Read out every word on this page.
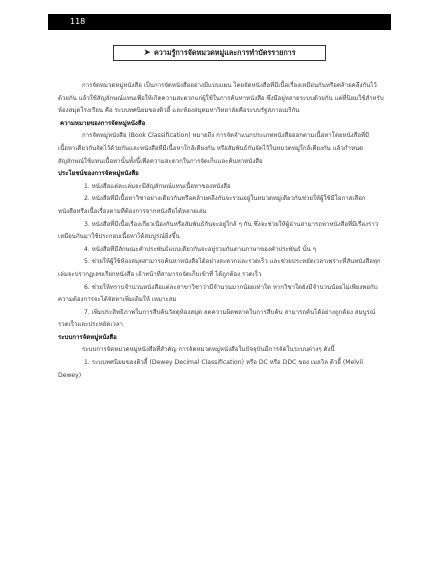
118
➤ ความรู้การจัดหมวดหมู่และการทำบัตรรายการ

การจัดหมวดหมู่หนังสือ เป็นการจัดหนังสืออย่างมีแบบแผน โดยจัดหนังสือที่มีเนื้อเรื่องเหมือนกันหรือคล้ายคลึงกันไว้ด้วยกัน แล้วใช้สัญลักษณ์แทนเพื่อให้เกิดความสะดวกแก่ผู้ใช้ในการค้นหาหนังสือ ซึ่งมีอยู่หลายระบบด้วยกัน แต่ที่นิยมใช้สำหรับห้องสมุดโรงเรียน คือ ระบบทศนิยมของดิวอี้ และห้องสมุดมหาวิทยาลัยคือระบบรัฐสภาอเมริกัน

ความหมายของการจัดหมู่หนังสือ

การจัดหมู่หนังสือ (Book Classification) หมายถึง การจัดจำแนกประเภทหนังสือออกตามเนื้อหาโดยหนังสือที่มีเนื้อหาเดียวกันจัดไว้ด้วยกันและหนังสือที่มีเนื้อหาใกล้เคียงกัน หรือสัมพันธ์กันจัดไว้ในหมวดหมู่ใกล้เคียงกัน แล้วกำหนดสัญลักษณ์ใช้แทนเนื้อหานั้นทั้งนี้เพื่อความสะดวกในการจัดเก็บและค้นหาหนังสือ

ประโยชน์ของการจัดหมู่หนังสือ

1. หนังสือแต่ละเล่มจะมีสัญลักษณ์แทนเนื้อหาของหนังสือ

2. หนังสือที่มีเนื้อหาวิชาอย่างเดียวกันหรือคล้ายคลึงกันจะรวมอยู่ในหมวดหมู่เดียวกันช่วยให้ผู้ใช้มีโอกาสเลือกหนังสือหรือเนื้อเรื่องตามที่ต้องการจากหนังสือได้หลายเล่ม

3. หนังสือที่มีเนื้อเรื่องเกี่ยวเนื่องกันหรือสัมพันธ์กันจะอยู่ใกล้ ๆ กัน ซึ่งจะช่วยให้ผู้อ่านสามารถหาหนังสือที่มีเรื่องราวเหมือนกันมาใช้ประกอบเนื้อหาได้สมบูรณ์ยิ่งขึ้น

4. หนังสือที่มีลักษณะคำประพันธ์แบบเดียวกันจะอยู่รวมกันตามภาษาของคำประพันธ์ นั้น ๆ

5. ช่วยให้ผู้ใช้ห้องสมุดสามารถค้นหาหนังสือได้อย่างสะดวกและรวดเร็ว และช่วยประหยัดเวลาเพราะที่สันหนังสือทุกเล่มจะปรากฏเลขเรียกหนังสือ เจ้าหน้าที่สามารถจัดเก็บเข้าที่ ได้ถูกต้อง รวดเร็ว

6. ช่วยให้ทราบจำนวนหนังสือแต่ละสาขาวิชาว่ามีจำนวนมากน้อยเท่าใด หากวิชาใดยังมีจำนวนน้อยไม่เพียงพอกับความต้องการจะได้จัดหาเพิ่มเติมให้ เหมาะสม

7. เพิ่มประสิทธิภาพในการสืบค้นวัสดุห้องสมุด ลดความผิดพลาดในการสืบค้น สามารถค้นได้อย่างถูกต้อง สมบูรณ์ รวดเร็วและประหยัดเวลา

ระบบการจัดหมู่หนังสือ

ระบบการจัดหมวดหมู่หนังสือที่สำคัญ การจัดหมวดหมู่หนังสือในปัจจุบันมีการจัดในระบบต่างๆ ดังนี้

1. ระบบทศนิยมของดิวอี้ (Dewey Decimal Classification) หรือ DC หรือ DDC ของ เมลวิล ดิวอี้ (Melvil Dewey)
